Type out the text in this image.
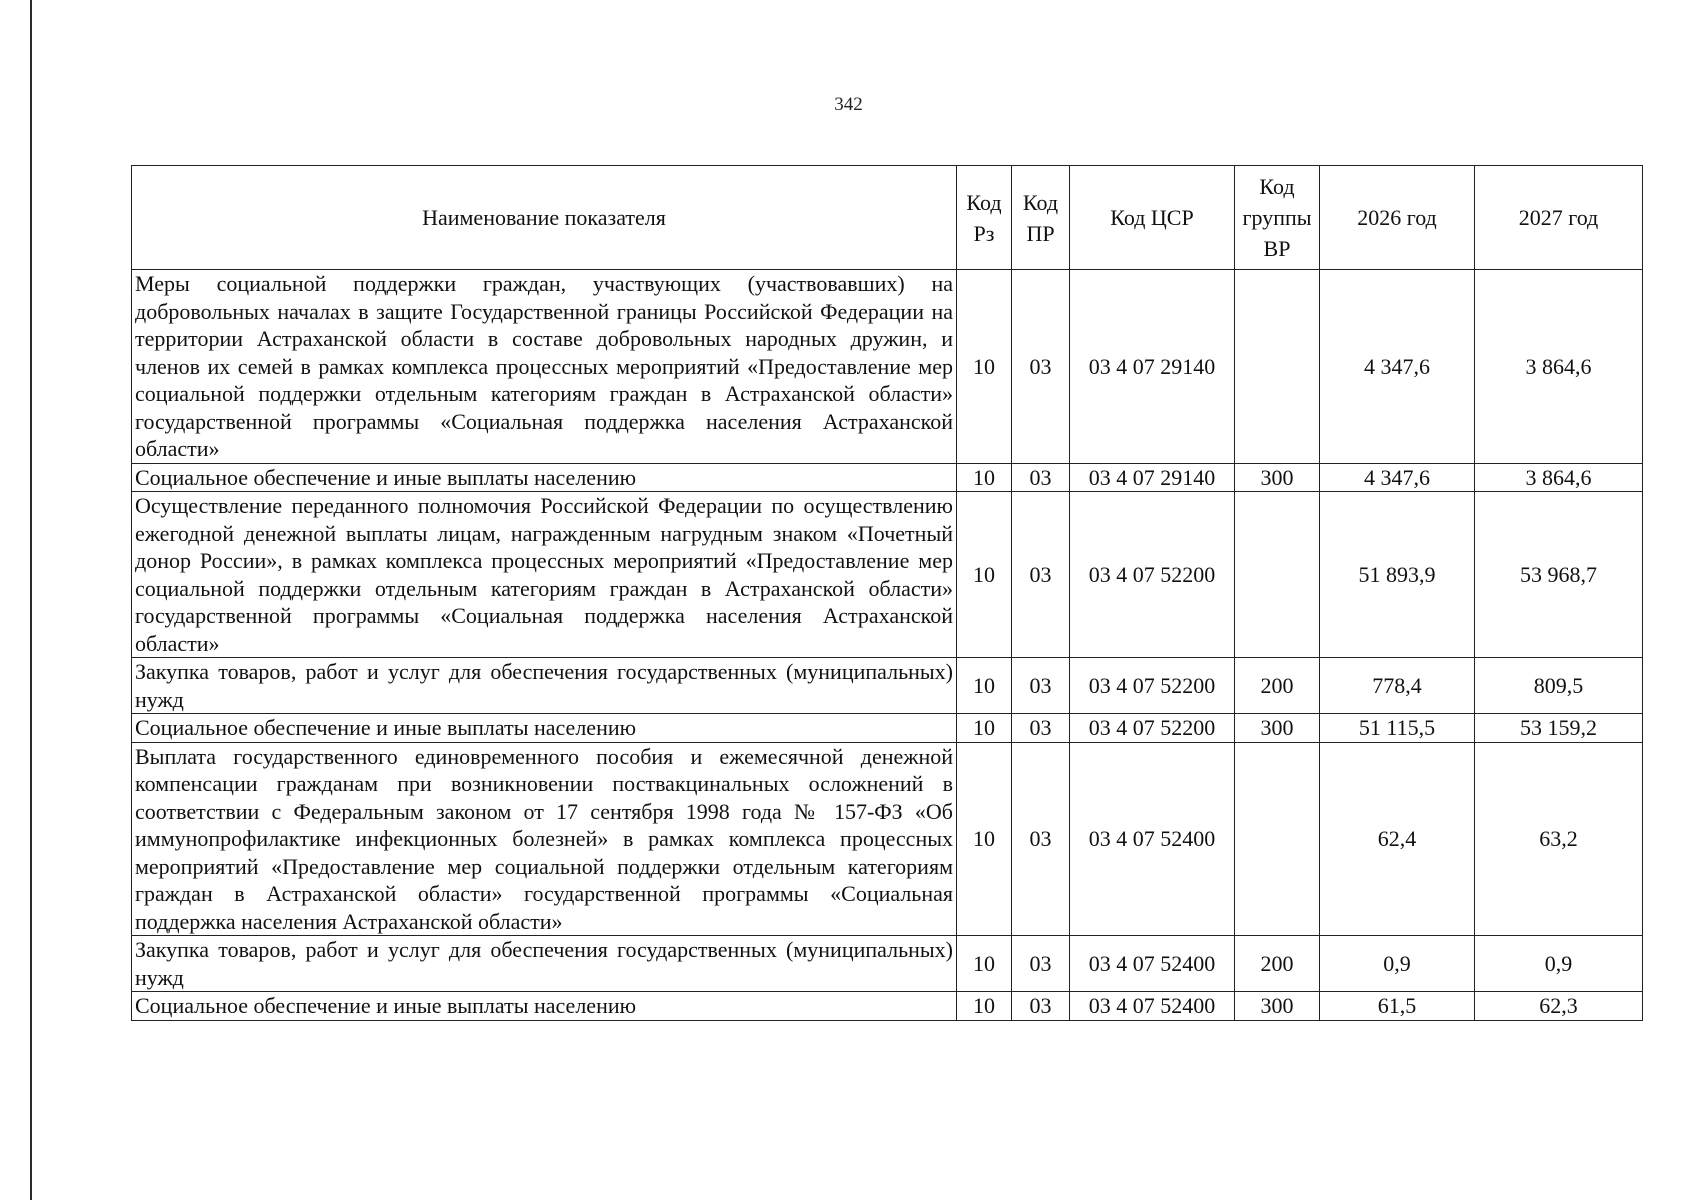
342
Наименование показателя	Код Рз	Код ПР	Код ЦСР	Код группы ВР	2026 год	2027 год
Меры социальной поддержки граждан, участвующих (участвовавших) на добровольных началах в защите Государственной границы Российской Федерации на территории Астраханской области в составе добровольных народных дружин, и членов их семей в рамках комплекса процессных мероприятий «Предоставление мер социальной поддержки отдельным категориям граждан в Астраханской области» государственной программы «Социальная поддержка населения Астраханской области»	10	03	03 4 07 29140		4 347,6	3 864,6
Социальное обеспечение и иные выплаты населению	10	03	03 4 07 29140	300	4 347,6	3 864,6
Осуществление переданного полномочия Российской Федерации по осуществлению ежегодной денежной выплаты лицам, награжденным нагрудным знаком «Почетный донор России», в рамках комплекса процессных мероприятий «Предоставление мер социальной поддержки отдельным категориям граждан в Астраханской области» государственной программы «Социальная поддержка населения Астраханской области»	10	03	03 4 07 52200		51 893,9	53 968,7
Закупка товаров, работ и услуг для обеспечения государственных (муниципальных) нужд	10	03	03 4 07 52200	200	778,4	809,5
Социальное обеспечение и иные выплаты населению	10	03	03 4 07 52200	300	51 115,5	53 159,2
Выплата государственного единовременного пособия и ежемесячной денежной компенсации гражданам при возникновении поствакцинальных осложнений в соответствии с Федеральным законом от 17 сентября 1998 года № 157-ФЗ «Об иммунопрофилактике инфекционных болезней» в рамках комплекса процессных мероприятий «Предоставление мер социальной поддержки отдельным категориям граждан в Астраханской области» государственной программы «Социальная поддержка населения Астраханской области»	10	03	03 4 07 52400		62,4	63,2
Закупка товаров, работ и услуг для обеспечения государственных (муниципальных) нужд	10	03	03 4 07 52400	200	0,9	0,9
Социальное обеспечение и иные выплаты населению	10	03	03 4 07 52400	300	61,5	62,3
